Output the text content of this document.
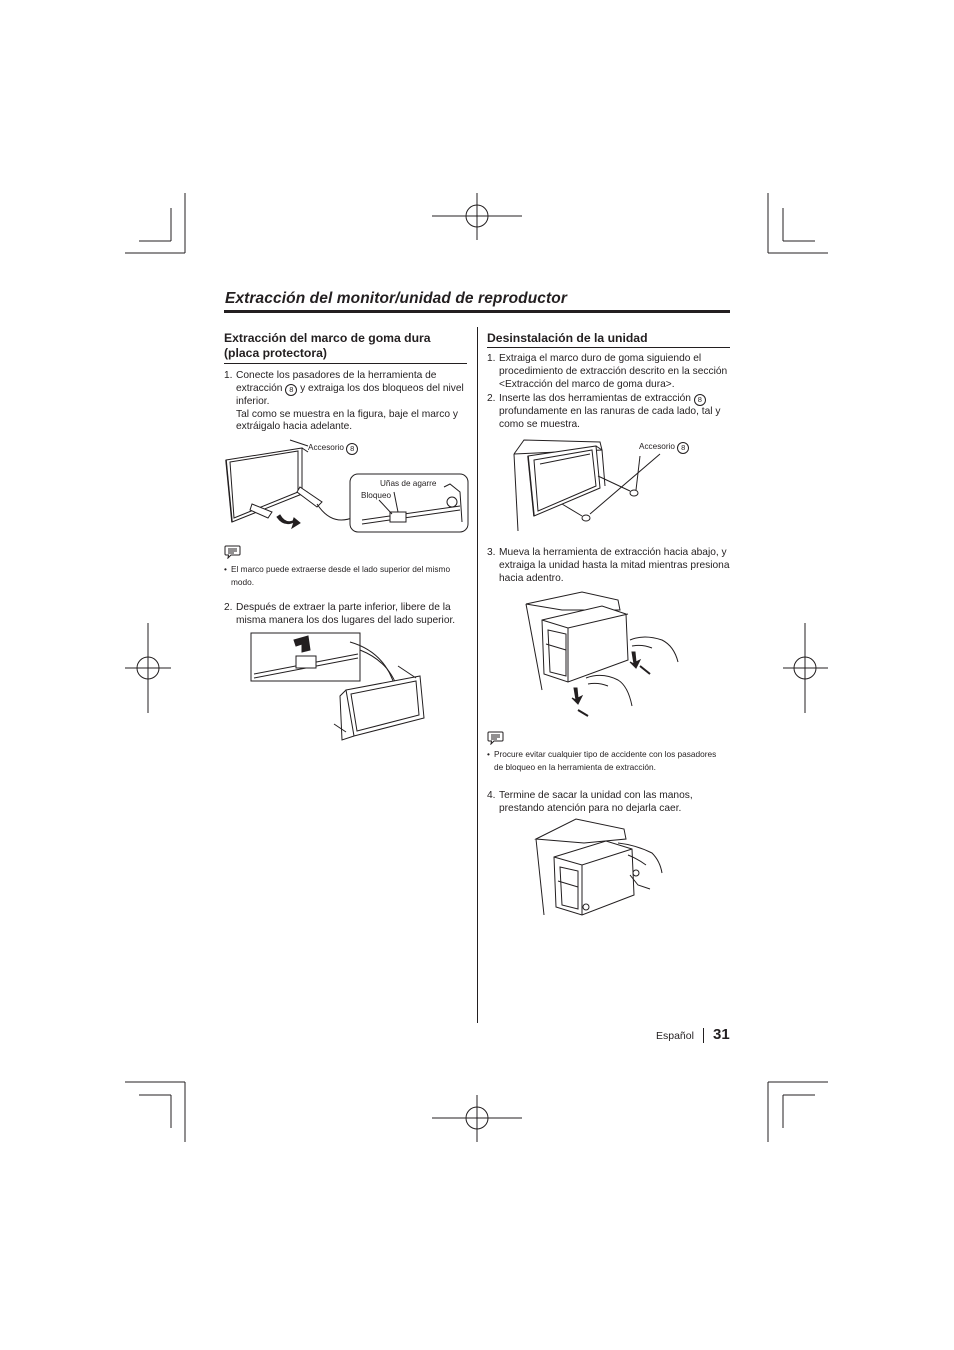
Extracción del monitor/unidad de reproductor
Extracción del marco de goma dura
(placa protectora)
1. Conecte los pasadores de la herramienta de
extracción 8 y extraiga los dos bloqueos del nivel
inferior.
Tal como se muestra en la figura, baje el marco y
extráigalo hacia adelante.
Accesorio 8
Uñas de agarre
Bloqueo
• El marco puede extraerse desde el lado superior del mismo
modo.
2. Después de extraer la parte inferior, libere de la
misma manera los dos lugares del lado superior.
Desinstalación de la unidad
1. Extraiga el marco duro de goma siguiendo el
procedimiento de extracción descrito en la sección
<Extracción del marco de goma dura>.
2. Inserte las dos herramientas de extracción 8
profundamente en las ranuras de cada lado, tal y
como se muestra.
Accesorio 8
3. Mueva la herramienta de extracción hacia abajo, y
extraiga la unidad hasta la mitad mientras presiona
hacia adentro.
• Procure evitar cualquier tipo de accidente con los pasadores
de bloqueo en la herramienta de extracción.
4. Termine de sacar la unidad con las manos,
prestando atención para no dejarla caer.
Español 31
